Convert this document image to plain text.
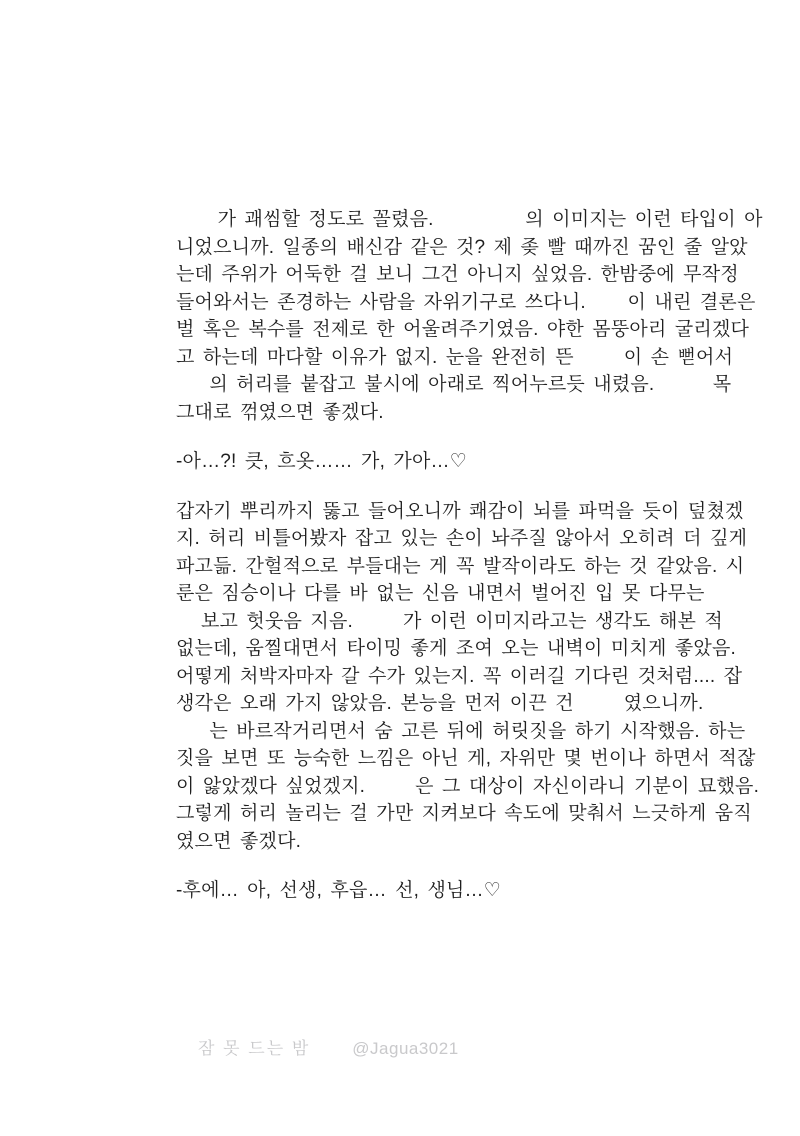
가 괘씸할 정도로 꼴렸음.           의 이미지는 이런 타입이 아
니었으니까. 일종의 배신감 같은 것? 제 좆 빨 때까진 꿈인 줄 알았
는데 주위가 어둑한 걸 보니 그건 아니지 싶었음. 한밤중에 무작정
들어와서는 존경하는 사람을 자위기구로 쓰다니.     이 내린 결론은
벌 혹은 복수를 전제로 한 어울려주기였음. 야한 몸뚱아리 굴리겠다
고 하는데 마다할 이유가 없지. 눈을 완전히 뜬      이 손 뻗어서
의 허리를 붙잡고 불시에 아래로 찍어누르듯 내렸음.       목
그대로 꺾였으면 좋겠다.
-아…?! 큿, 흐옷…… 가, 가아…♡
갑자기 뿌리까지 뚫고 들어오니까 쾌감이 뇌를 파먹을 듯이 덮쳤겠
지. 허리 비틀어봤자 잡고 있는 손이 놔주질 않아서 오히려 더 깊게
파고듦. 간헐적으로 부들대는 게 꼭 발작이라도 하는 것 같았음. 시
룬은 짐승이나 다를 바 없는 신음 내면서 벌어진 입 못 다무는
보고 헛웃음 지음.      가 이런 이미지라고는 생각도 해본 적
없는데, 움찔대면서 타이밍 좋게 조여 오는 내벽이 미치게 좋았음.
어떻게 처박자마자 갈 수가 있는지. 꼭 이러길 기다린 것처럼.... 잡
생각은 오래 가지 않았음. 본능을 먼저 이끈 건      였으니까.
는 바르작거리면서 숨 고른 뒤에 허릿짓을 하기 시작했음. 하는
짓을 보면 또 능숙한 느낌은 아닌 게, 자위만 몇 번이나 하면서 적잖
이 앓았겠다 싶었겠지.      은 그 대상이 자신이라니 기분이 묘했음.
그렇게 허리 놀리는 걸 가만 지켜보다 속도에 맞춰서 느긋하게 움직
였으면 좋겠다.
-후에… 아, 선생, 후읍… 선, 생님…♡
잠 못 드는 밤 @Jagua3021
